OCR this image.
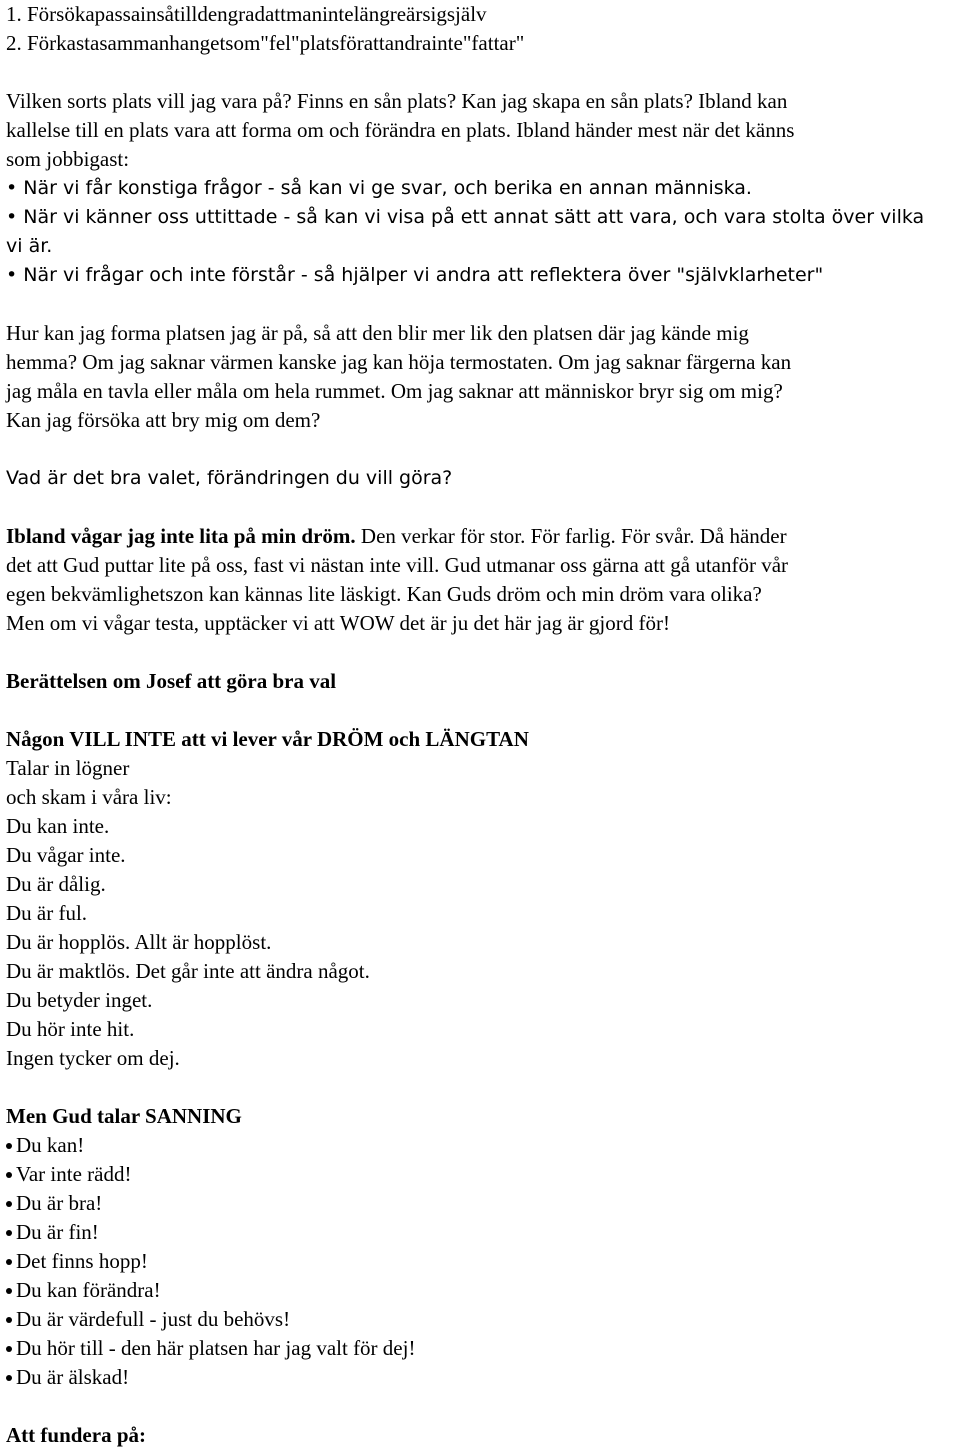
1. Försökapassainsåtilldengradattmanintelängreärsigsjälv
2. Förkastasammanhangetsom"fel"platsförattandrainte"fattar"
Vilken sorts plats vill jag vara på? Finns en sån plats? Kan jag skapa en sån plats? Ibland kan
kallelse till en plats vara att forma om och förändra en plats. Ibland händer mest när det känns
som jobbigast:
• När vi får konstiga frågor - så kan vi ge svar, och berika en annan människa.
• När vi känner oss uttittade - så kan vi visa på ett annat sätt att vara, och vara stolta över vilka
vi är.
• När vi frågar och inte förstår - så hjälper vi andra att reflektera över "självklarheter"
Hur kan jag forma platsen jag är på, så att den blir mer lik den platsen där jag kände mig
hemma? Om jag saknar värmen kanske jag kan höja termostaten. Om jag saknar färgerna kan
jag måla en tavla eller måla om hela rummet. Om jag saknar att människor bryr sig om mig?
Kan jag försöka att bry mig om dem?
Vad är det bra valet, förändringen du vill göra?
Ibland vågar jag inte lita på min dröm. Den verkar för stor. För farlig. För svår. Då händer
det att Gud puttar lite på oss, fast vi nästan inte vill. Gud utmanar oss gärna att gå utanför vår
egen bekvämlighetszon kan kännas lite läskigt. Kan Guds dröm och min dröm vara olika?
Men om vi vågar testa, upptäcker vi att WOW det är ju det här jag är gjord för!
Berättelsen om Josef att göra bra val
Någon VILL INTE att vi lever vår DRÖM och LÄNGTAN
Talar in lögner
och skam i våra liv:
Du kan inte.
Du vågar inte.
Du är dålig.
Du är ful.
Du är hopplös. Allt är hopplöst.
Du är maktlös. Det går inte att ändra något.
Du betyder inget.
Du hör inte hit.
Ingen tycker om dej.
Men Gud talar SANNING
Du kan!
Var inte rädd!
Du är bra!
Du är fin!
Det finns hopp!
Du kan förändra!
Du är värdefull - just du behövs!
Du hör till - den här platsen har jag valt för dej!
Du är älskad!
Att fundera på:
